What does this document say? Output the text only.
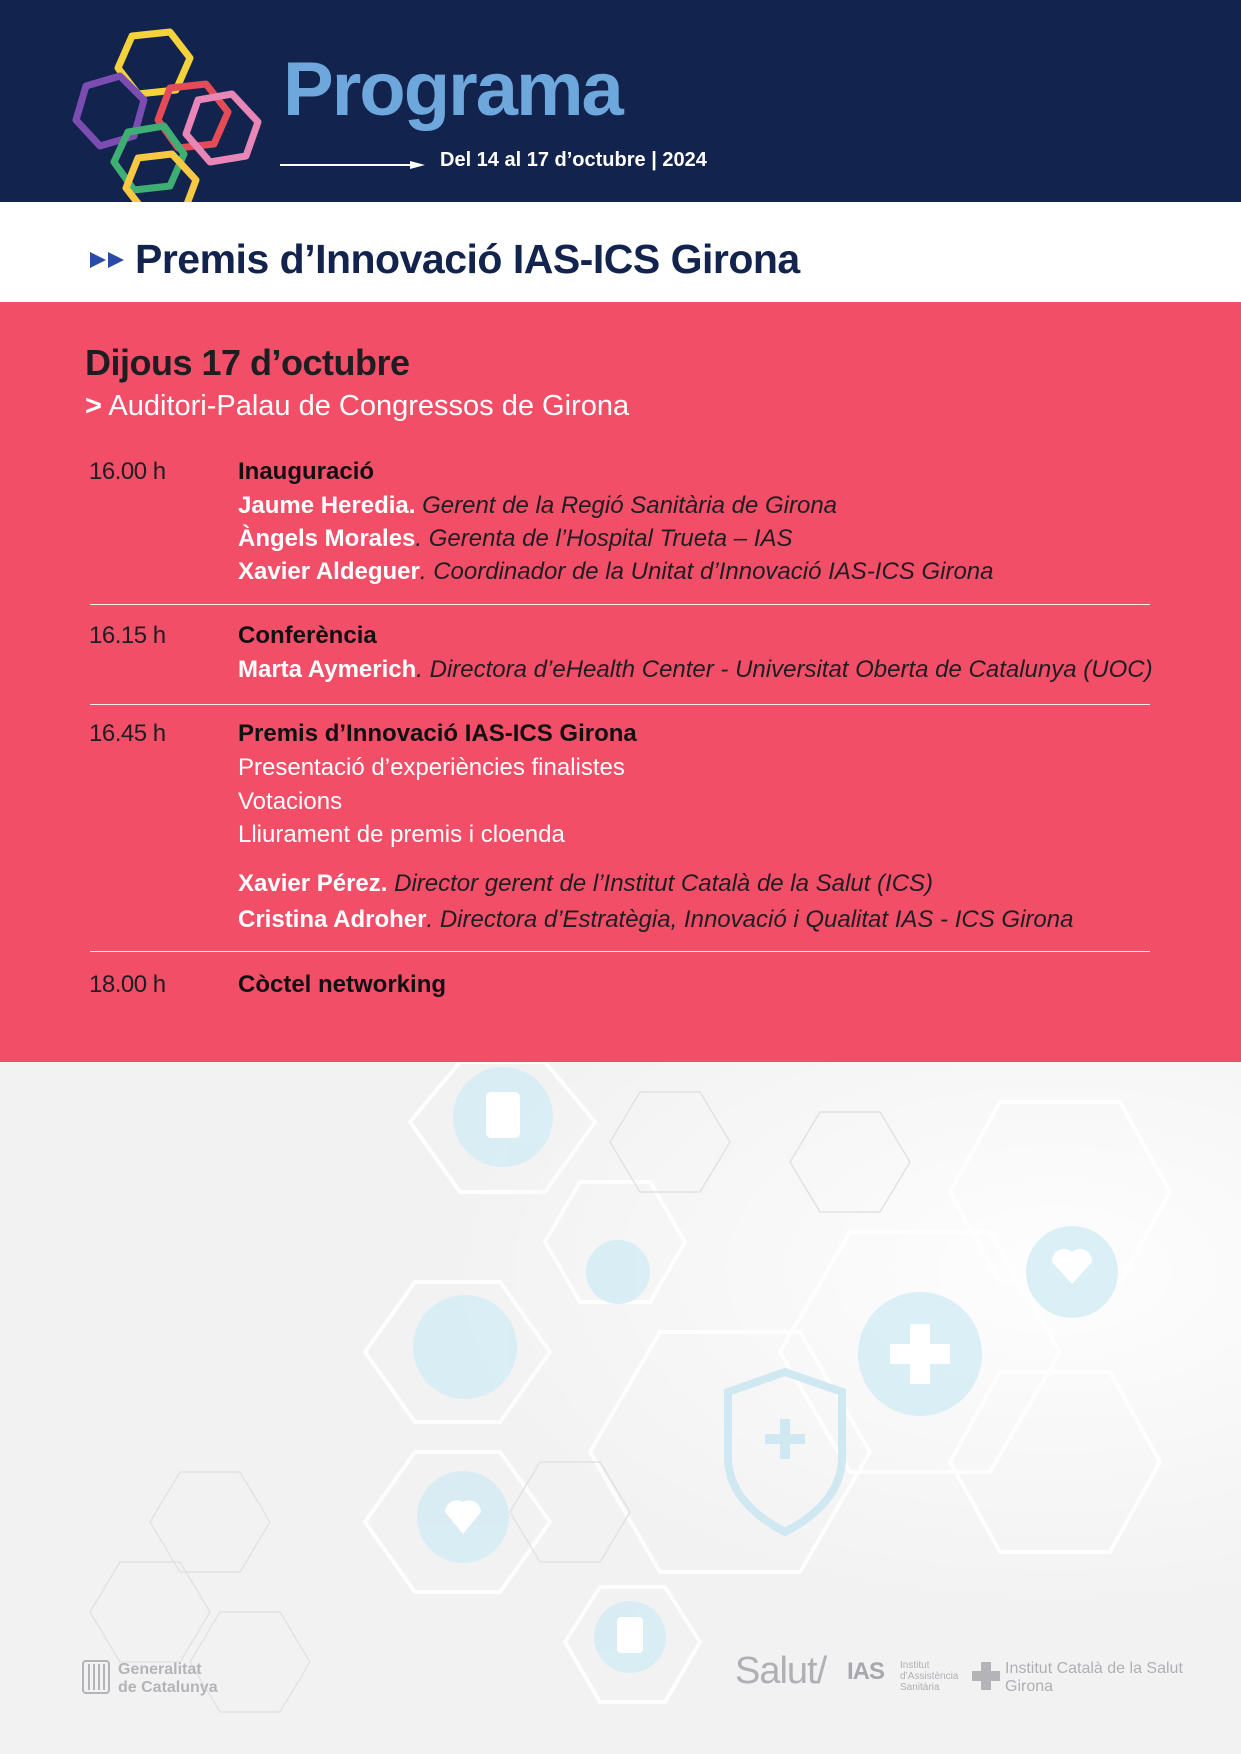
Programa
Del 14 al 17 d’octubre | 2024
Premis d’Innovació IAS-ICS Girona
Dijous 17 d’octubre
> Auditori-Palau de Congressos de Girona
16.00 h	Inauguració
Jaume Heredia. Gerent de la Regió Sanitària de Girona
Àngels Morales. Gerenta de l’Hospital Trueta – IAS
Xavier Aldeguer. Coordinador de la Unitat d’Innovació IAS-ICS Girona
16.15 h	Conferència
Marta Aymerich. Directora d’eHealth Center - Universitat Oberta de Catalunya (UOC)
16.45 h	Premis d’Innovació IAS-ICS Girona
Presentació d’experiències finalistes
Votacions
Lliurament de premis i cloenda
Xavier Pérez. Director gerent de l’Institut Català de la Salut (ICS)
Cristina Adroher. Directora d’Estratègia, Innovació i Qualitat IAS - ICS Girona
18.00 h	Còctel networking
Generalitat
de Catalunya	Salut/ IAS Institut
d’Assistència
Sanitària
Institut Català de la Salut
Girona
